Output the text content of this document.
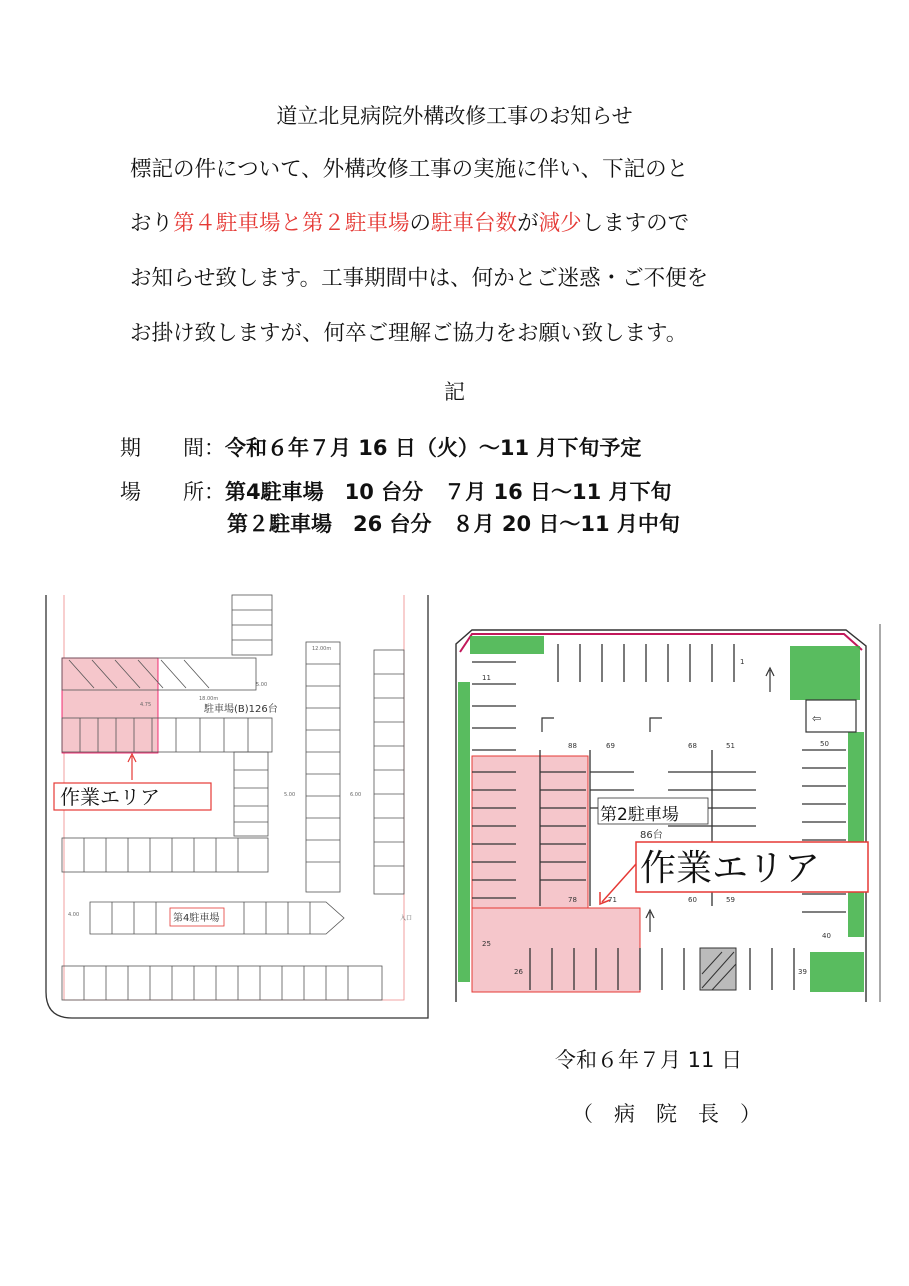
道立北見病院外構改修工事のお知らせ
標記の件について、外構改修工事の実施に伴い、下記のと
おり第４駐車場と第２駐車場の駐車台数が減少しますので
お知らせ致します。工事期間中は、何かとご迷惑・ご不便を
お掛け致しますが、何卒ご理解ご協力をお願い致します。
記
期　　間：令和６年７月 16 日（火）～11 月下旬予定
場　　所：第4駐車場　10 台分　７月 16 日～11 月下旬
第２駐車場　26 台分　８月 20 日～11 月中旬
作業エリア
駐車場(B)126台
第4駐車場
18.00m
5.00	6.00
5.00
4.00
4.75
12.00m
入口
⇦
第2駐車場
86台
作業エリア
11
88	69	68	51	50
78	71	60	59
40
25
26	39
1
令和６年７月 11 日
（　病　院　長　）
